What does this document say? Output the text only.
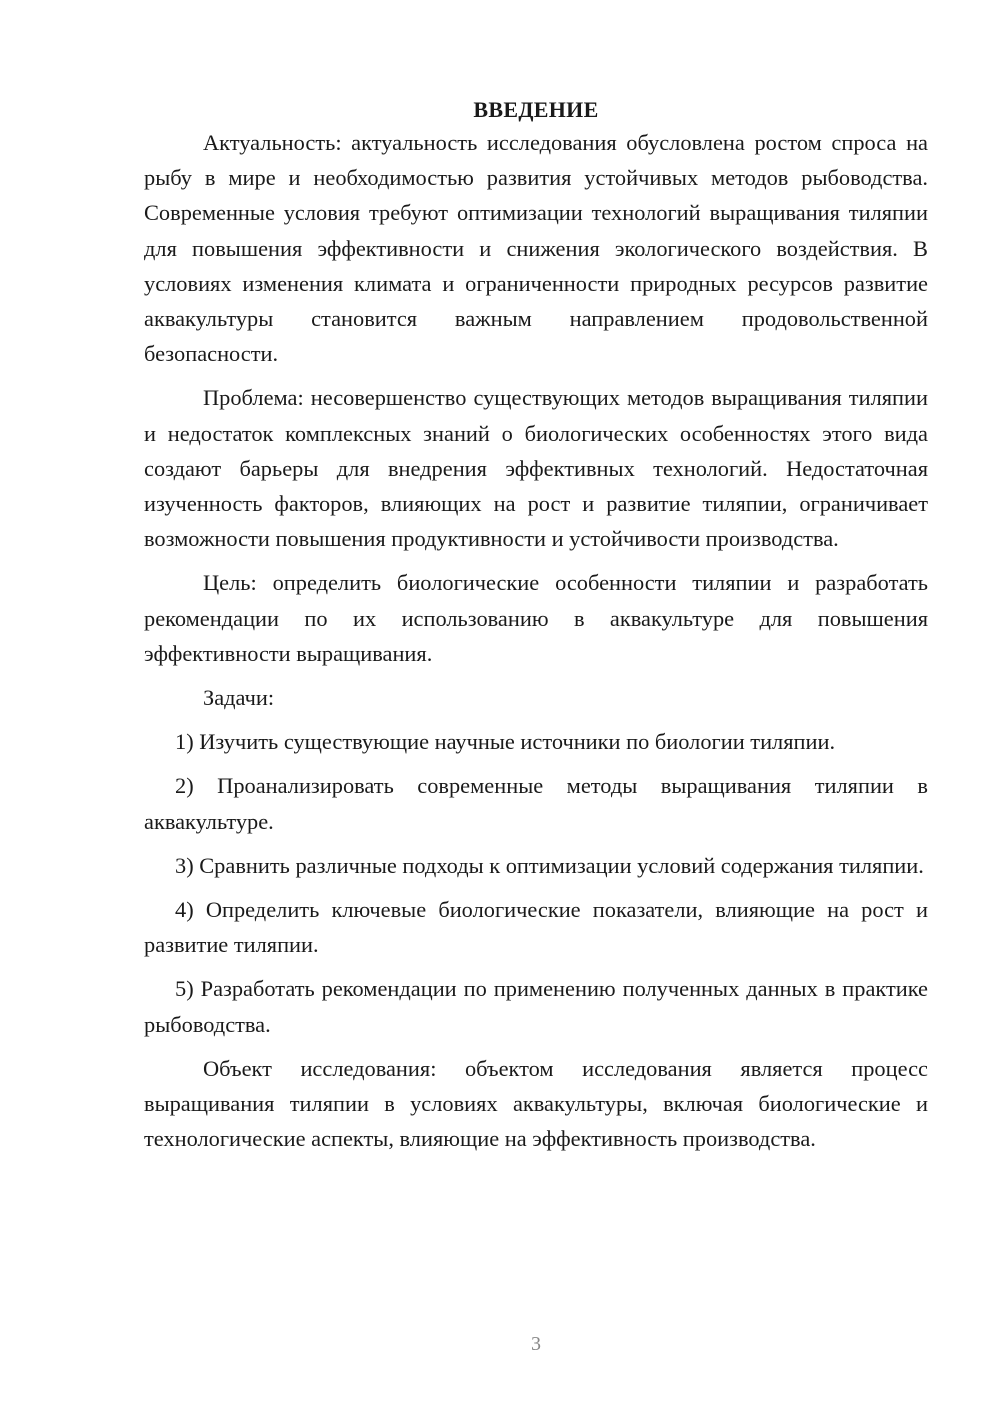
ВВЕДЕНИЕ

Актуальность: актуальность исследования обусловлена ростом спроса на рыбу в мире и необходимостью развития устойчивых методов рыбоводства. Современные условия требуют оптимизации технологий выращивания тиляпии для повышения эффективности и снижения экологического воздействия. В условиях изменения климата и ограниченности природных ресурсов развитие аквакультуры становится важным направлением продовольственной безопасности.

Проблема: несовершенство существующих методов выращивания тиляпии и недостаток комплексных знаний о биологических особенностях этого вида создают барьеры для внедрения эффективных технологий. Недостаточная изученность факторов, влияющих на рост и развитие тиляпии, ограничивает возможности повышения продуктивности и устойчивости производства.

Цель: определить биологические особенности тиляпии и разработать рекомендации по их использованию в аквакультуре для повышения эффективности выращивания.

Задачи:

1) Изучить существующие научные источники по биологии тиляпии.

2) Проанализировать современные методы выращивания тиляпии в аквакультуре.

3) Сравнить различные подходы к оптимизации условий содержания тиляпии.

4) Определить ключевые биологические показатели, влияющие на рост и развитие тиляпии.

5) Разработать рекомендации по применению полученных данных в практике рыбоводства.

Объект исследования: объектом исследования является процесс выращивания тиляпии в условиях аквакультуры, включая биологические и технологические аспекты, влияющие на эффективность производства.

3
